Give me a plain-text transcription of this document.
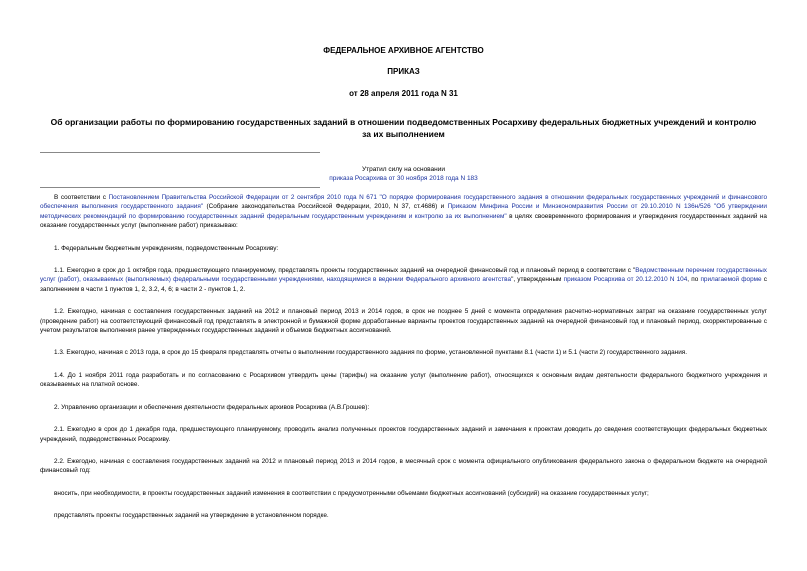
ФЕДЕРАЛЬНОЕ АРХИВНОЕ АГЕНТСТВО
ПРИКАЗ
от 28 апреля 2011 года N 31
Об организации работы по формированию государственных заданий в отношении подведомственных Росархиву федеральных бюджетных учреждений и контролю за их выполнением
Утратил силу на основании
приказа Росархива от 30 ноября 2018 года N 183

В соответствии с Постановлением Правительства Российской Федерации от 2 сентября 2010 года N 671 "О порядке формирования государственного задания в отношении федеральных государственных учреждений и финансового обеспечения выполнения государственного задания" (Собрание законодательства Российской Федерации, 2010, N 37, ст.4686) и Приказом Минфина России и Минэкономразвития России от 29.10.2010 N 136н/526 "Об утверждении методических рекомендаций по формированию государственных заданий федеральным государственным учреждениям и контролю за их выполнением" в целях своевременного формирования и утверждения государственных заданий на оказание государственных услуг (выполнение работ) приказываю:

1. Федеральным бюджетным учреждениям, подведомственным Росархиву:

1.1. Ежегодно в срок до 1 октября года, предшествующего планируемому, представлять проекты государственных заданий на очередной финансовый год и плановый период в соответствии с "Ведомственным перечнем государственных услуг (работ), оказываемых (выполняемых) федеральными государственными учреждениями, находящимися в ведении Федерального архивного агентства", утвержденным приказом Росархива от 20.12.2010 N 104, по прилагаемой форме с заполнением в части 1 пунктов 1, 2, 3.2, 4, 6; в части 2 - пунктов 1, 2.

1.2. Ежегодно, начиная с составления государственных заданий на 2012 и плановый период 2013 и 2014 годов, в срок не позднее 5 дней с момента определения расчетно-нормативных затрат на оказание государственных услуг (проведение работ) на соответствующий финансовый год представлять в электронной и бумажной форме доработанные варианты проектов государственных заданий на очередной финансовый год и плановый период, скорректированные с учетом результатов выполнения ранее утвержденных государственных заданий и объемов бюджетных ассигнований.

1.3. Ежегодно, начиная с 2013 года, в срок до 15 февраля представлять отчеты о выполнении государственного задания по форме, установленной пунктами 8.1 (части 1) и 5.1 (части 2) государственного задания.

1.4. До 1 ноября 2011 года разработать и по согласованию с Росархивом утвердить цены (тарифы) на оказание услуг (выполнение работ), относящихся к основным видам деятельности федерального бюджетного учреждения и оказываемых на платной основе.

2. Управлению организации и обеспечения деятельности федеральных архивов Росархива (А.В.Грошев):

2.1. Ежегодно в срок до 1 декабря года, предшествующего планируемому, проводить анализ полученных проектов государственных заданий и замечания к проектам доводить до сведения соответствующих федеральных бюджетных учреждений, подведомственных Росархиву.

2.2. Ежегодно, начиная с составления государственных заданий на 2012 и плановый период 2013 и 2014 годов, в месячный срок с момента официального опубликования федерального закона о федеральном бюджете на очередной финансовый год:

вносить, при необходимости, в проекты государственных заданий изменения в соответствии с предусмотренными объемами бюджетных ассигнований (субсидий) на оказание государственных услуг;

представлять проекты государственных заданий на утверждение в установленном порядке.
